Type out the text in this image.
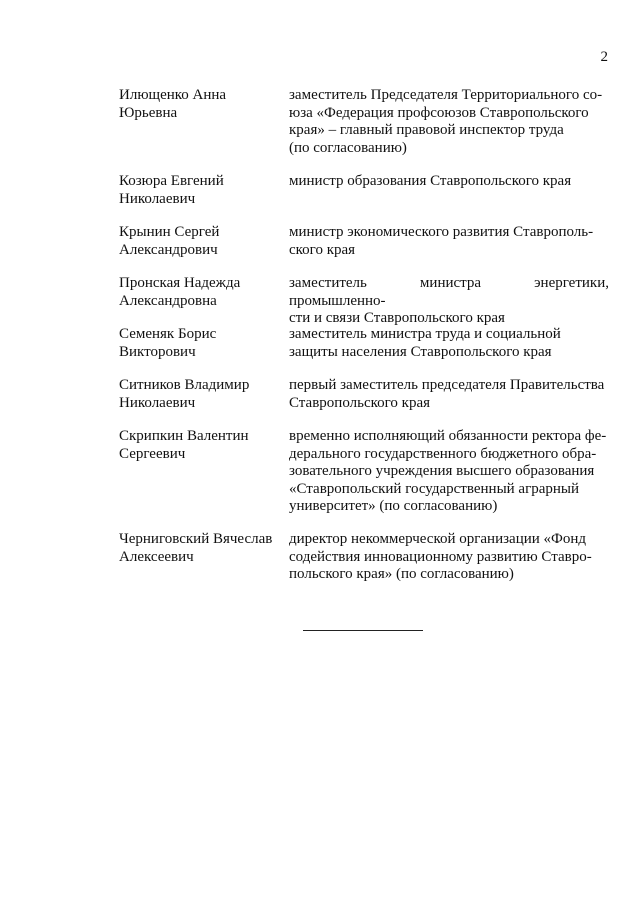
2
Илющенко Анна
Юрьевна
заместитель Председателя Территориального со-
юза «Федерация профсоюзов Ставропольского
края» – главный правовой инспектор труда
(по согласованию)
Козюра Евгений
Николаевич
министр образования Ставропольского края
Крынин Сергей
Александрович
министр экономического развития Ставрополь-
ского края
Пронская Надежда
Александровна
заместитель министра энергетики, промышленно-
сти и связи Ставропольского края
Семеняк Борис
Викторович
заместитель министра труда и социальной
защиты населения Ставропольского края
Ситников Владимир
Николаевич
первый заместитель председателя Правительства
Ставропольского края
Скрипкин Валентин
Сергеевич
временно исполняющий обязанности ректора фе-
дерального государственного бюджетного обра-
зовательного учреждения высшего образования
«Ставропольский государственный аграрный
университет» (по согласованию)
Черниговский Вячеслав
Алексеевич
директор некоммерческой организации «Фонд
содействия инновационному развитию Ставро-
польского края» (по согласованию)
